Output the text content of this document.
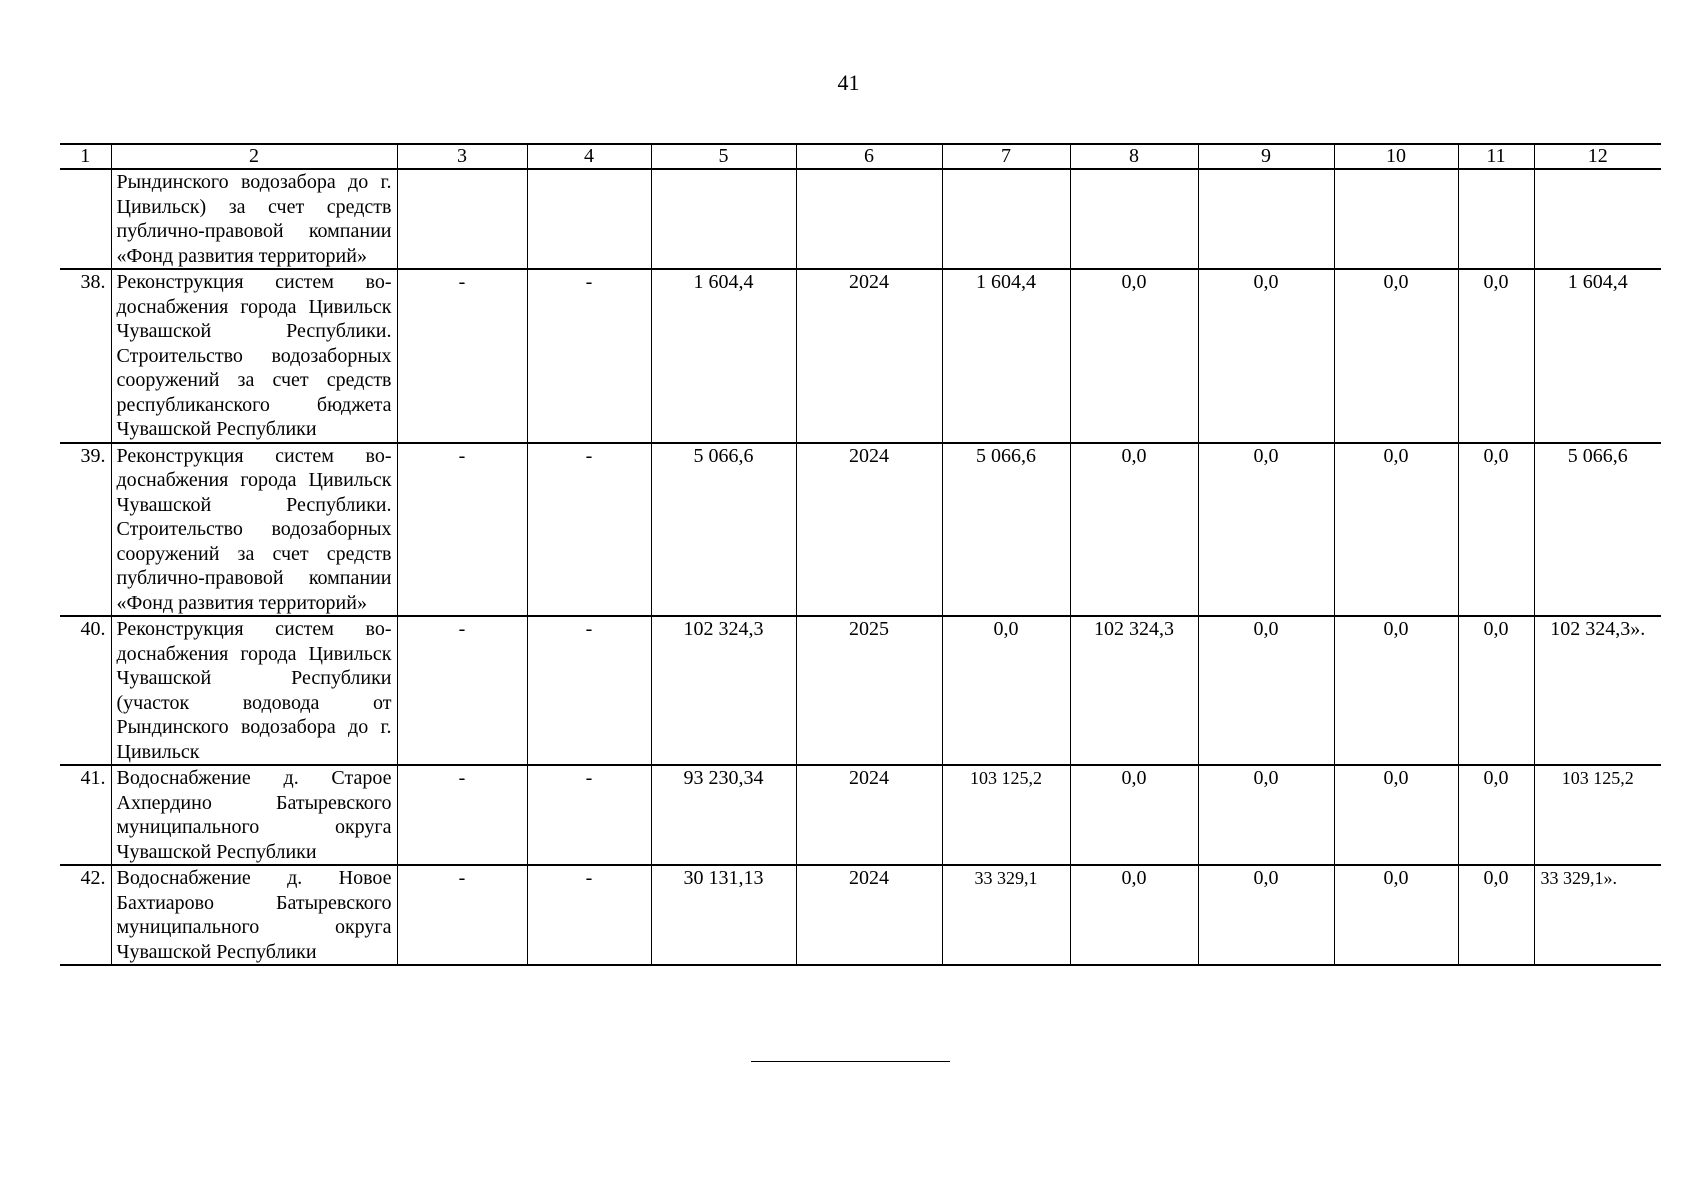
41
1	2	3	4	5	6	7	8	9	10	11	12
	Рындинского водозабора до г. Цивильск) за счет средств публично-правовой компании «Фонд развития территорий»										
38.	Реконструкция систем водоснабжения города Цивильск Чувашской Республики. Строительство водозаборных сооружений за счет средств республиканского бюджета Чувашской Республики	-	-	1 604,4	2024	1 604,4	0,0	0,0	0,0	0,0	1 604,4
39.	Реконструкция систем водоснабжения города Цивильск Чувашской Республики. Строительство водозаборных сооружений за счет средств публично-правовой компании «Фонд развития территорий»	-	-	5 066,6	2024	5 066,6	0,0	0,0	0,0	0,0	5 066,6
40.	Реконструкция систем водоснабжения города Цивильск Чувашской Республики (участок водовода от Рындинского водозабора до г. Цивильск	-	-	102 324,3	2025	0,0	102 324,3	0,0	0,0	0,0	102 324,3».
41.	Водоснабжение д. Старое Ахпердино Батыревского муниципального округа Чувашской Республики	-	-	93 230,34	2024	103 125,2	0,0	0,0	0,0	0,0	103 125,2
42.	Водоснабжение д. Новое Бахтиарово Батыревского муниципального округа Чувашской Республики	-	-	30 131,13	2024	33 329,1	0,0	0,0	0,0	0,0	33 329,1».
